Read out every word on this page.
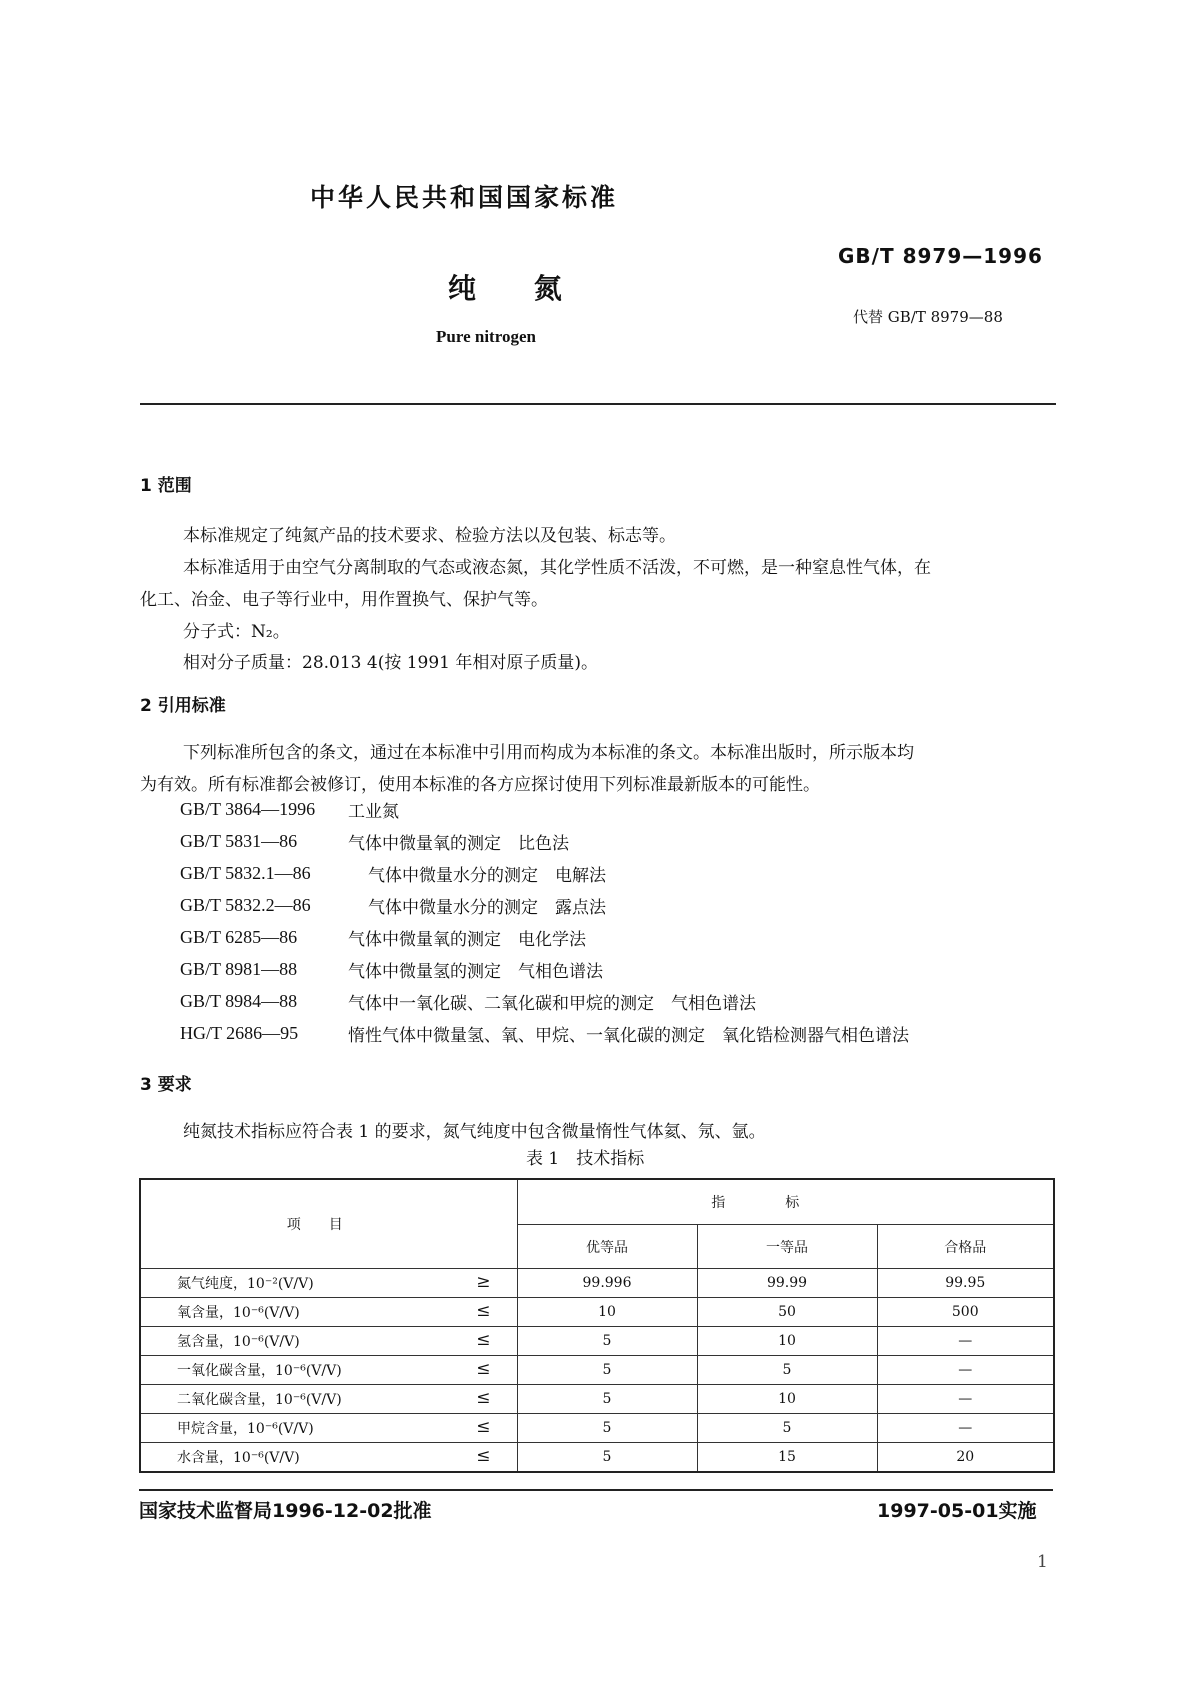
中华人民共和国国家标准
GB/T 8979—1996
纯 氮
代替 GB/T 8979—88
Pure nitrogen
1 范围
本标准规定了纯氮产品的技术要求、检验方法以及包装、标志等。
本标准适用于由空气分离制取的气态或液态氮，其化学性质不活泼，不可燃，是一种窒息性气体，在
化工、冶金、电子等行业中，用作置换气、保护气等。
分子式：N₂。
相对分子质量：28.013 4(按 1991 年相对原子质量)。
2 引用标准
下列标准所包含的条文，通过在本标准中引用而构成为本标准的条文。本标准出版时，所示版本均
为有效。所有标准都会被修订，使用本标准的各方应探讨使用下列标准最新版本的可能性。
GB/T 3864—1996	工业氮
GB/T 5831—86	气体中微量氧的测定　比色法
GB/T 5832.1—86	气体中微量水分的测定　电解法
GB/T 5832.2—86	气体中微量水分的测定　露点法
GB/T 6285—86	气体中微量氧的测定　电化学法
GB/T 8981—88	气体中微量氢的测定　气相色谱法
GB/T 8984—88	气体中一氧化碳、二氧化碳和甲烷的测定　气相色谱法
HG/T 2686—95	惰性气体中微量氢、氧、甲烷、一氧化碳的测定　氧化锆检测器气相色谱法
3 要求
纯氮技术指标应符合表 1 的要求，氮气纯度中包含微量惰性气体氦、氖、氩。
表 1　技术指标
项目	指标		
	优等品	一等品	合格品
氮气纯度，10⁻²(V/V) ≥	99.996	99.99	99.95
氧含量，10⁻⁶(V/V) ≤	10	50	500
氢含量，10⁻⁶(V/V) ≤	5	10	—
一氧化碳含量，10⁻⁶(V/V) ≤	5	5	—
二氧化碳含量，10⁻⁶(V/V) ≤	5	10	—
甲烷含量，10⁻⁶(V/V) ≤	5	5	—
水含量，10⁻⁶(V/V) ≤	5	15	20
国家技术监督局1996-12-02批准	1997-05-01实施
1
